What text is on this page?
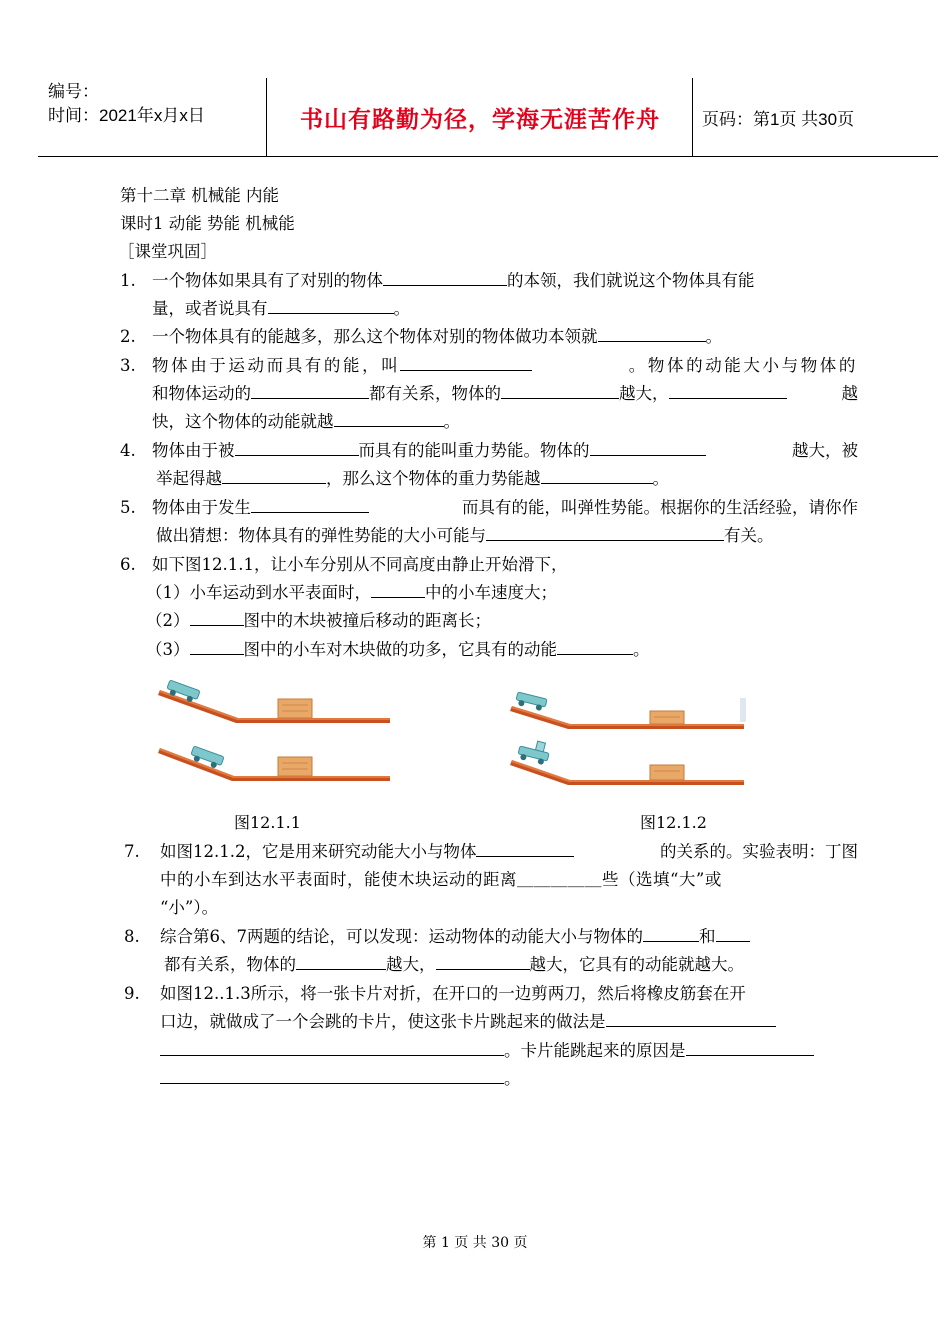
编号：
时间：2021年x月x日	书山有路勤为径，学海无涯苦作舟	页码：第1页 共30页
第十二章 机械能 内能
课时1 动能 势能 机械能
［课堂巩固］
1. 一个物体如果具有了对别的物体	的本领，我们就说这个物体具有能
量，或者说具有	。
2. 一个物体具有的能越多，那么这个物体对别的物体做功本领就	。
3. 物体由于运动而具有的能，叫	。物体的动能大小与物体的
和物体运动的	都有关系，物体的	越大，	越
快，这个物体的动能就越	。
4. 物体由于被	而具有的能叫重力势能。物体的	越大，被
举起得越	，那么这个物体的重力势能越	。
5. 物体由于发生	而具有的能，叫弹性势能。根据你的生活经验，请你作
做出猜想：物体具有的弹性势能的大小可能与	有关。
6. 如下图12.1.1，让小车分别从不同高度由静止开始滑下，
（1）小车运动到水平表面时，	中的小车速度大；
（2）	图中的木块被撞后移动的距离长；
（3）	图中的小车对木块做的功多，它具有的动能	。
图12.1.1	图12.1.2
7. 如图12.1.2，它是用来研究动能大小与物体	的关系的。实验表明：丁图
中的小车到达水平表面时，能使木块运动的距离＿＿＿＿＿些（选填“大”或
“小”）。
8. 综合第6、7两题的结论，可以发现：运动物体的动能大小与物体的	和
都有关系，物体的	越大，	越大，它具有的动能就越大。
9. 如图12..1.3所示，将一张卡片对折，在开口的一边剪两刀，然后将橡皮筋套在开
口边，就做成了一个会跳的卡片，使这张卡片跳起来的做法是
。卡片能跳起来的原因是
。
第 1 页 共 30 页
